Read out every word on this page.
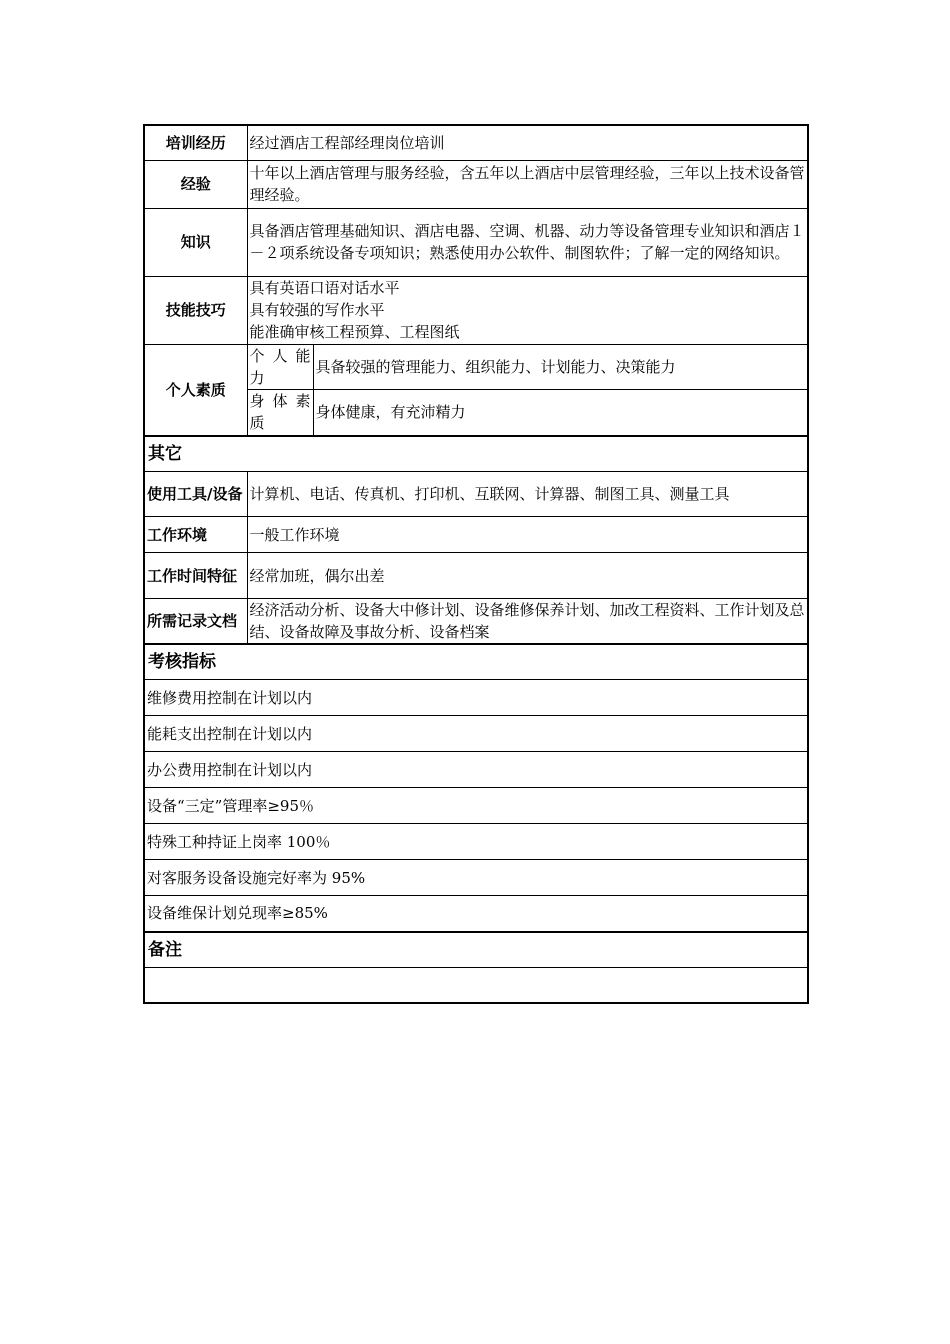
培训经历	经过酒店工程部经理岗位培训	
经验	十年以上酒店管理与服务经验，含五年以上酒店中层管理经验，三年以上技术设备管理经验。	
知识	具备酒店管理基础知识、酒店电器、空调、机器、动力等设备管理专业知识和酒店１－２项系统设备专项知识；熟悉使用办公软件、制图软件；了解一定的网络知识。	
技能技巧	具有英语口语对话水平
具有较强的写作水平
能准确审核工程预算、工程图纸	

个人素质	个 人 能力	具备较强的管理能力、组织能力、计划能力、决策能力
	身 体 素质	身体健康，有充沛精力
其它		
使用工具/设备	计算机、电话、传真机、打印机、互联网、计算器、制图工具、测量工具	
工作环境	一般工作环境	
工作时间特征	经常加班，偶尔出差	
所需记录文档	经济活动分析、设备大中修计划、设备维修保养计划、加改工程资料、工作计划及总结、设备故障及事故分析、设备档案	
考核指标		
维修费用控制在计划以内		
能耗支出控制在计划以内		
办公费用控制在计划以内		
设备“三定”管理率≥95％		
特殊工种持证上岗率 100％		
对客服务设备设施完好率为 95%		
设备维保计划兑现率≥85%		
备注		
